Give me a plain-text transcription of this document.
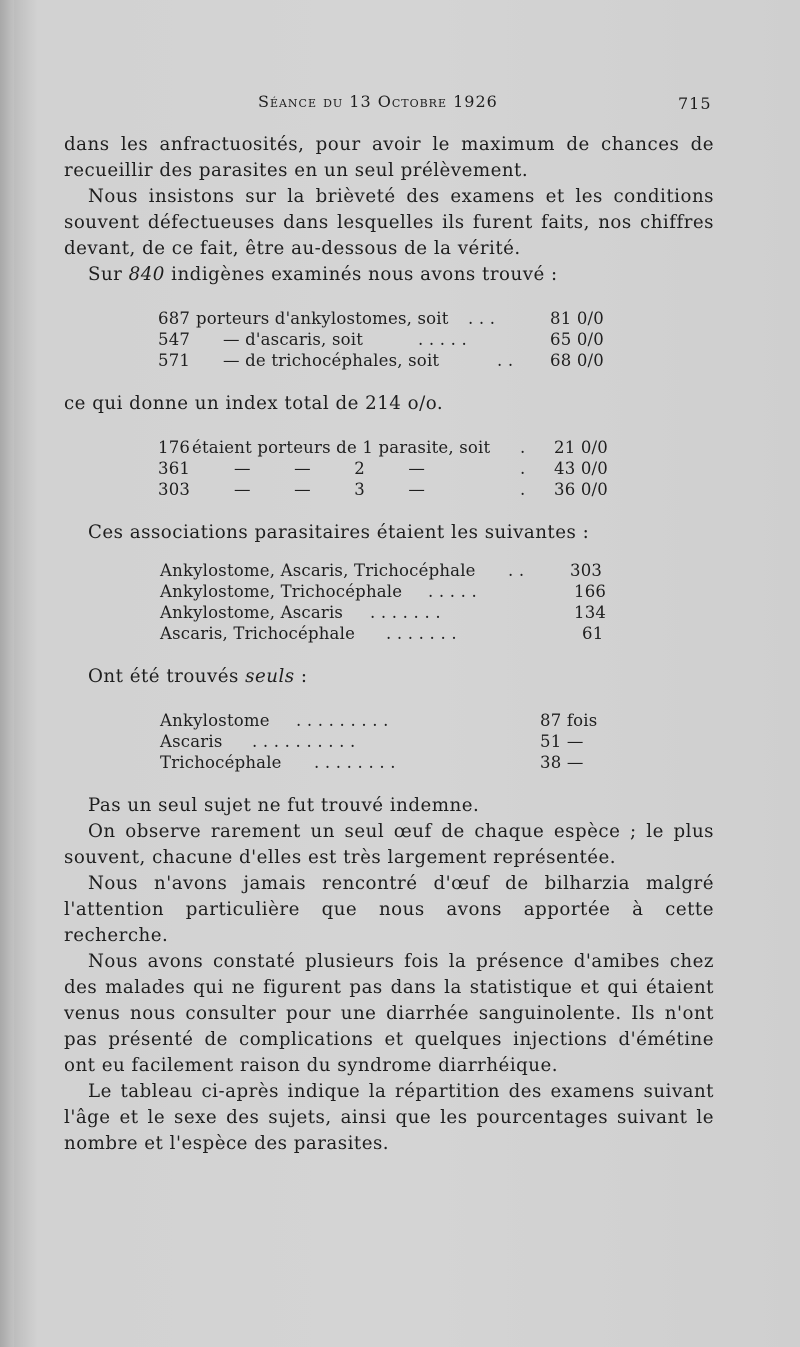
Séance du 13 Octobre 1926	715

dans les anfractuosités, pour avoir le maximum de chances de recueillir des parasites en un seul prélèvement.

Nous insistons sur la brièveté des examens et les conditions souvent défectueuses dans lesquelles ils furent faits, nos chiffres devant, de ce fait, être au-dessous de la vérité.

Sur 840 indigènes examinés nous avons trouvé :

687 porteurs d'ankylostomes, soit . . .	81 0/0
547 — d'ascaris, soit	. . . . .	65 0/0
571 — de trichocéphales, soit	. . 68 0/0

ce qui donne un index total de 214 o/o.

176 étaient porteurs de 1 parasite, soit . 21 0/0
361	— — 2 —	. 43 0/0
303	— — 3 —	. 36 0/0

Ces associations parasitaires étaient les suivantes :

Ankylostome, Ascaris, Trichocéphale . .	303
Ankylostome, Trichocéphale . . . . .	166
Ankylostome, Ascaris . . . . . . .	134
Ascaris, Trichocéphale . . . . . . .	61

Ont été trouvés seuls :

Ankylostome . . . . . . . . .	87 fois
Ascaris . . . . . . . . . .	51 —
Trichocéphale . . . . . . . .	38 —

Pas un seul sujet ne fut trouvé indemne.

On observe rarement un seul œuf de chaque espèce ; le plus souvent, chacune d'elles est très largement représentée.

Nous n'avons jamais rencontré d'œuf de bilharzia malgré l'attention particulière que nous avons apportée à cette recherche.

Nous avons constaté plusieurs fois la présence d'amibes chez des malades qui ne figurent pas dans la statistique et qui étaient venus nous consulter pour une diarrhée sanguinolente. Ils n'ont pas présenté de complications et quelques injections d'émétine ont eu facilement raison du syndrome diarrhéique.

Le tableau ci-après indique la répartition des examens suivant l'âge et le sexe des sujets, ainsi que les pourcentages suivant le nombre et l'espèce des parasites.
